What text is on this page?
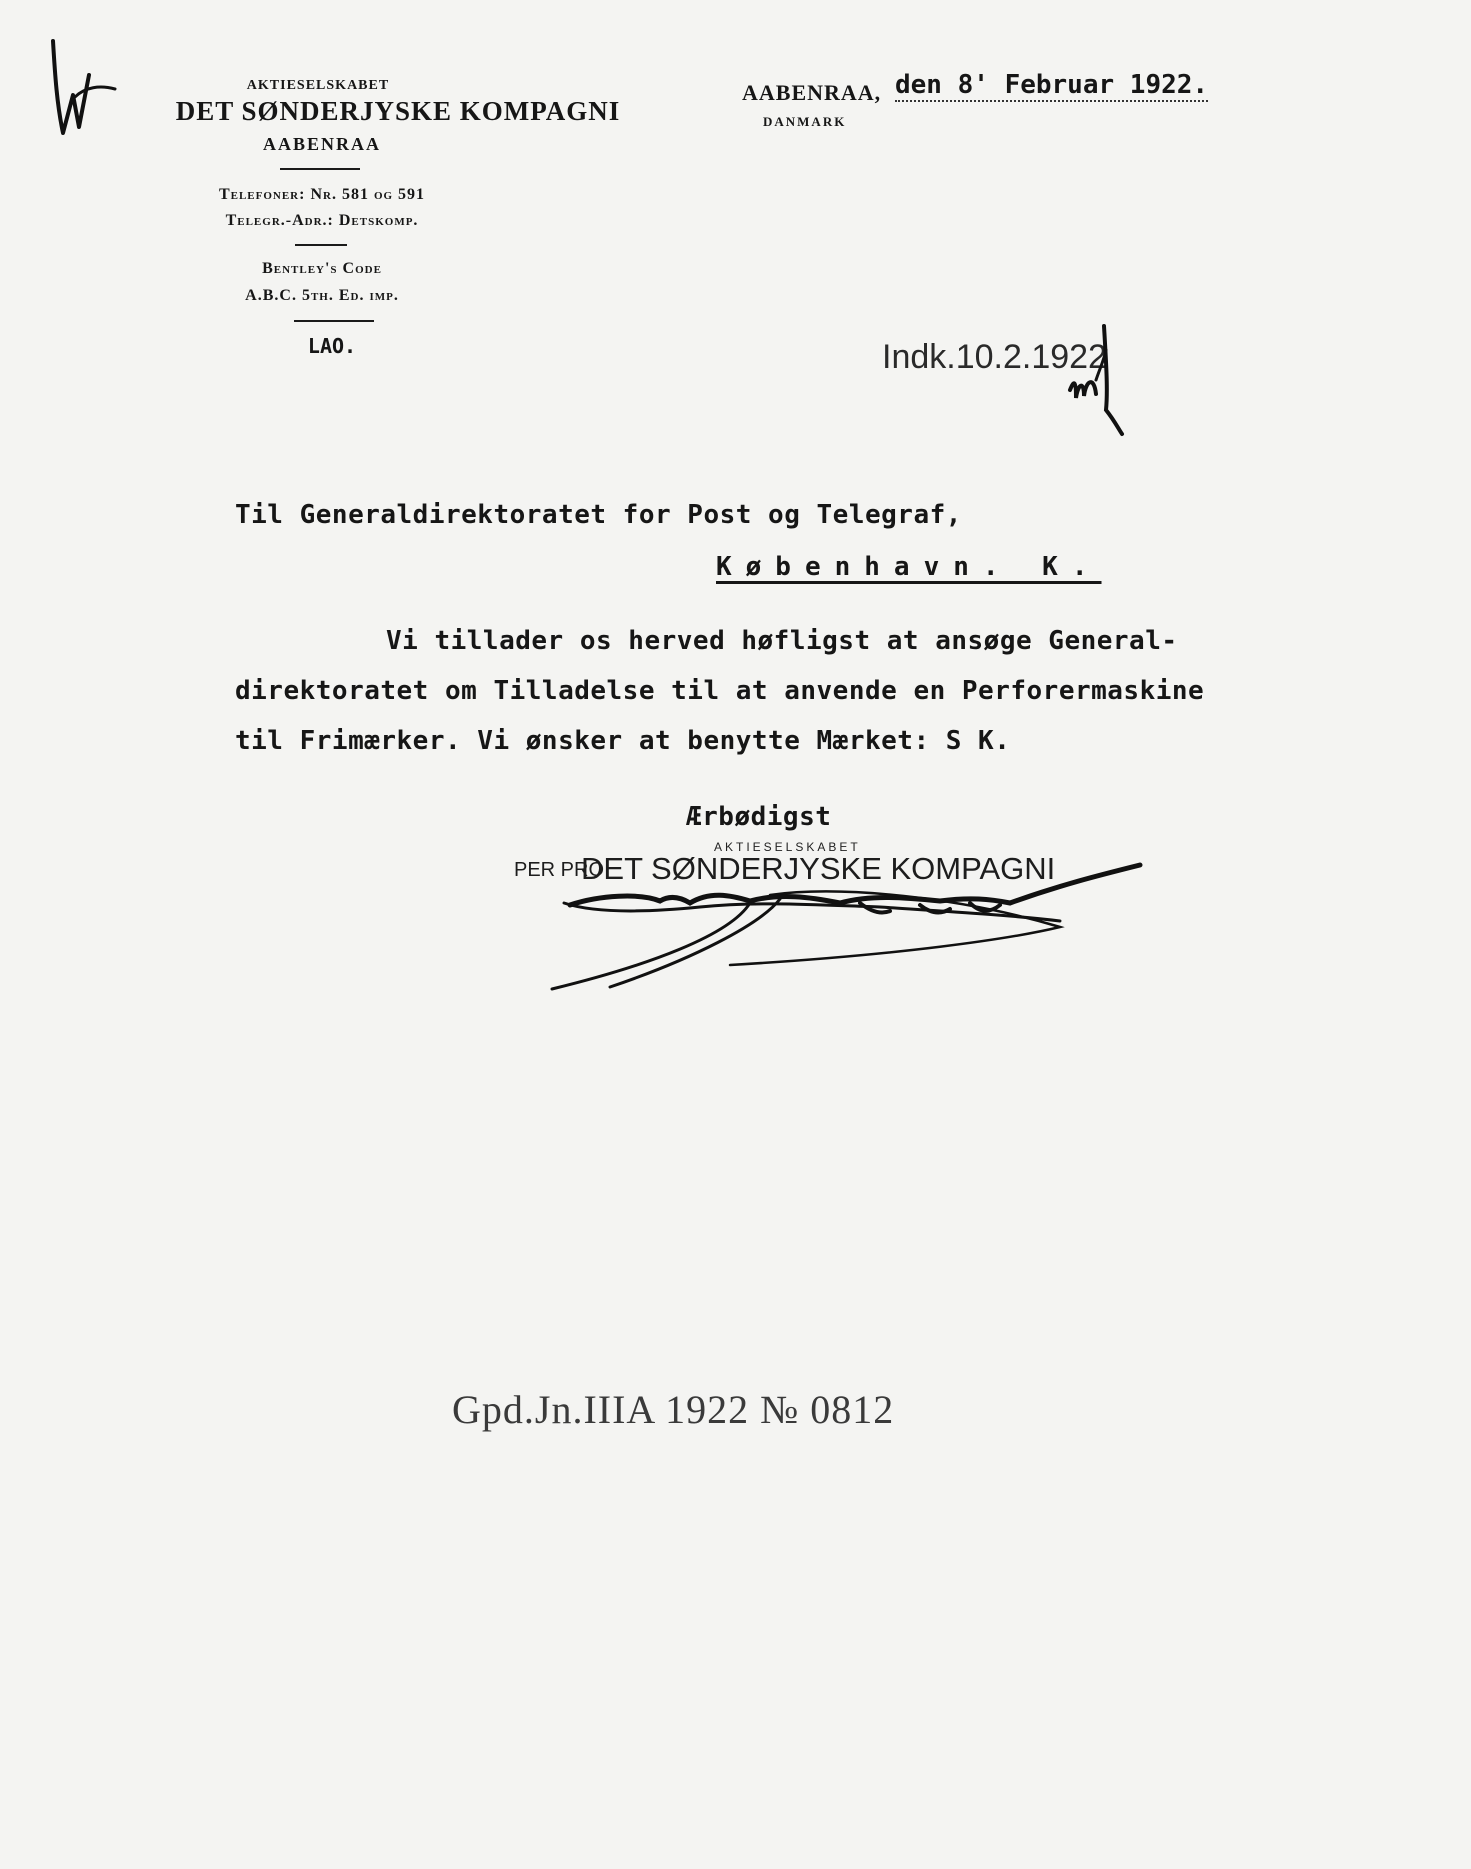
AKTIESELSKABET
DET SØNDERJYSKE KOMPAGNI
AABENRAA
Telefoner: Nr. 581 og 591
Telegr.-Adr.: Detskomp.
Bentley's Code
A.B.C. 5th. Ed. imp.
LAO.
AABENRAA, den 8' Februar 1922.
DANMARK
Indk.10.2.1922
Til Generaldirektoratet for Post og Telegraf,
København. K.
Vi tillader os herved høfligst at ansøge General-
direktoratet om Tilladelse til at anvende en Perforermaskine
til Frimærker. Vi ønsker at benytte Mærket: S K.
Ærbødigst
AKTIESELSKABET
PER PRO
DET SØNDERJYSKE KOMPAGNI
Gpd.Jn.IIIA 1922 № 0812
